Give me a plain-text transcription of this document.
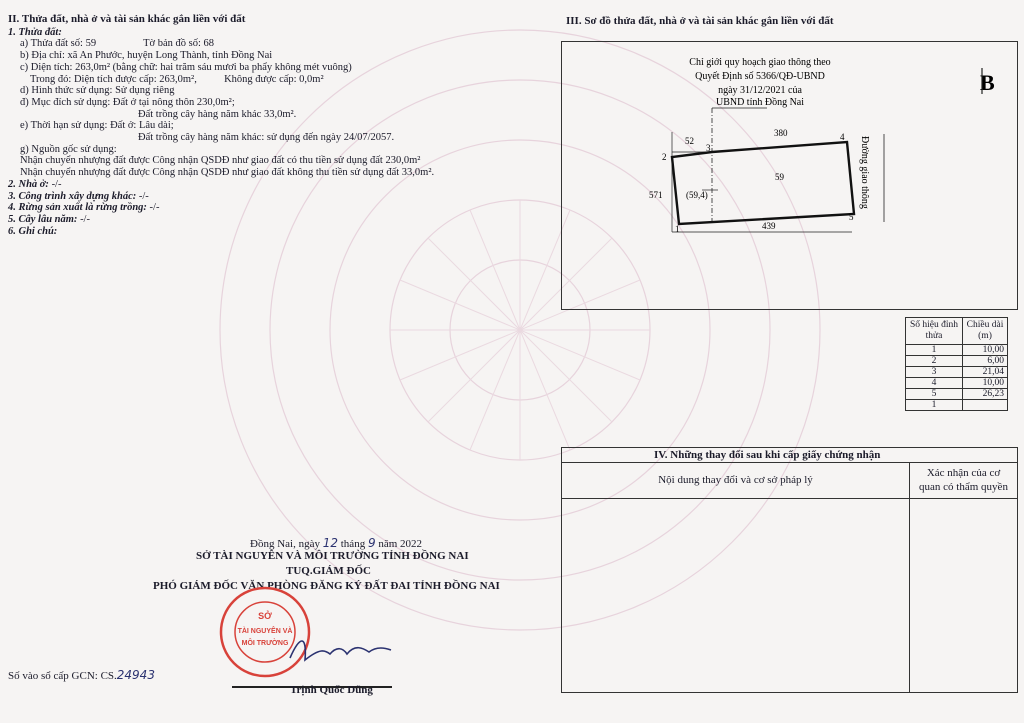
II. Thửa đất, nhà ở và tài sản khác gắn liền với đất
1. Thửa đất:
a) Thửa đất số: 59	Tờ bản đồ số: 68
b) Địa chỉ: xã An Phước, huyện Long Thành, tỉnh Đồng Nai
c) Diện tích: 263,0m² (bằng chữ: hai trăm sáu mươi ba phẩy không mét vuông)
Trong đó: Diện tích được cấp: 263,0m²,	Không được cấp: 0,0m²
d) Hình thức sử dụng: Sử dụng riêng
đ) Mục đích sử dụng: Đất ở tại nông thôn 230,0m²;
Đất trồng cây hàng năm khác 33,0m².
e) Thời hạn sử dụng: Đất ở: Lâu dài;
Đất trồng cây hàng năm khác: sử dụng đến ngày 24/07/2057.
g) Nguồn gốc sử dụng:
Nhận chuyển nhượng đất được Công nhận QSDĐ như giao đất có thu tiền sử dụng đất 230,0m²
Nhận chuyển nhượng đất được Công nhận QSDĐ như giao đất không thu tiền sử dụng đất 33,0m².
2. Nhà ở: -/-
3. Công trình xây dựng khác: -/-
4. Rừng sản xuất là rừng trồng: -/-
5. Cây lâu năm: -/-
6. Ghi chú:
III. Sơ đồ thửa đất, nhà ở và tài sản khác gắn liền với đất
Chỉ giới quy hoạch giao thông theo
Quyết Định số 5366/QĐ-UBND
ngày 31/12/2021 của
UBND tỉnh Đồng Nai
B
1
2
3
4
5
52
380
571
439
59
(59,4)	Đường giao thông
Số hiệu đỉnh thửa	Chiều dài (m)
1	10,00
2	6,00
3	21,04
4	10,00
5	26,23
1	
IV. Những thay đổi sau khi cấp giấy chứng nhận
Nội dung thay đổi và cơ sở pháp lý
Xác nhận của cơ
quan có thẩm quyền
Đồng Nai, ngày 12 tháng 9 năm 2022
SỞ TÀI NGUYÊN VÀ MÔI TRƯỜNG TỈNH ĐỒNG NAI
TUQ.GIÁM ĐỐC
PHÓ GIÁM ĐỐC VĂN PHÒNG ĐĂNG KÝ ĐẤT ĐAI TỈNH ĐỒNG NAI
SỞ
TÀI NGUYÊN VÀ
MÔI TRƯỜNG
Trịnh Quốc Dũng
Số vào sổ cấp GCN: CS.24943
